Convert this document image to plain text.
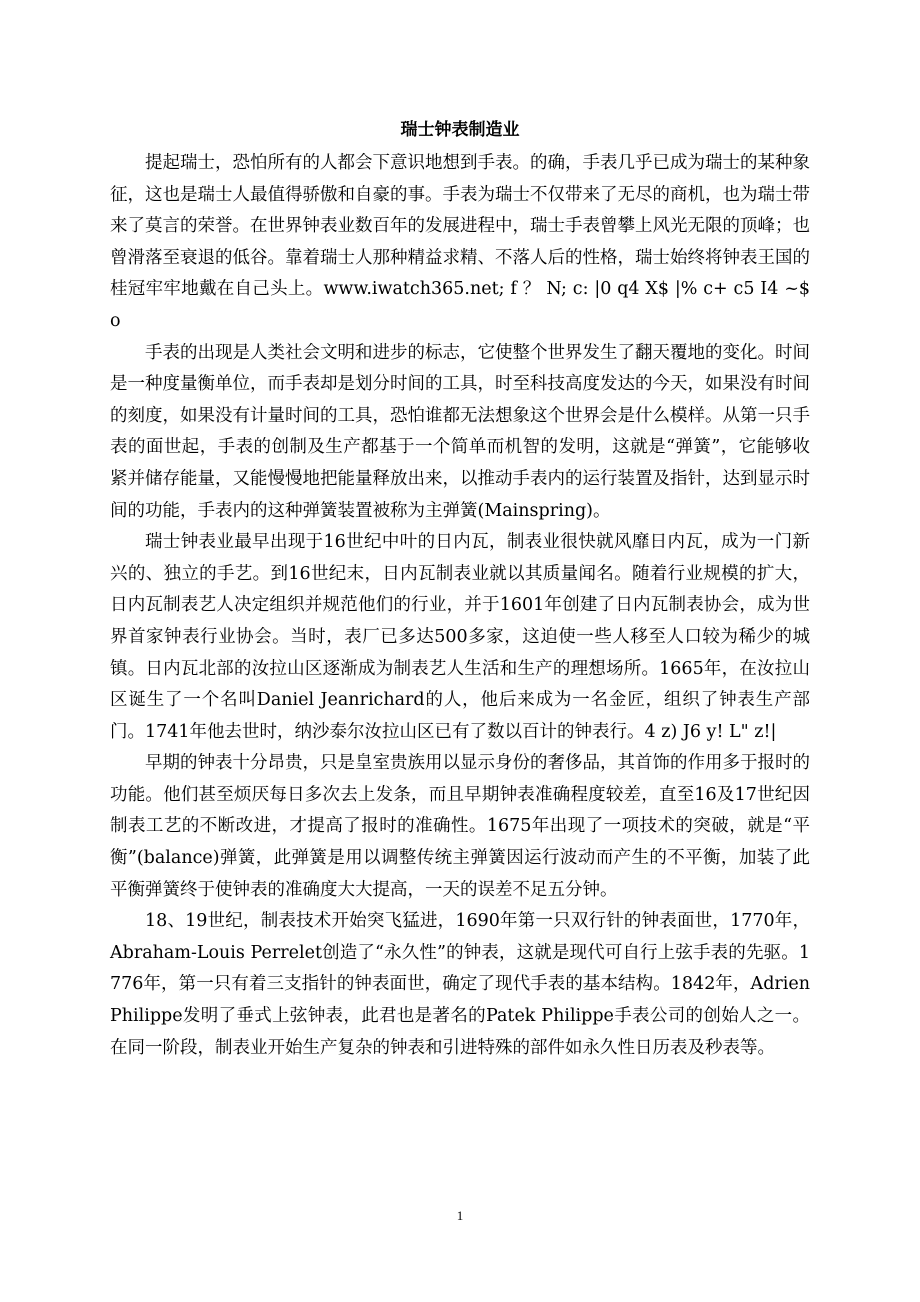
瑞士钟表制造业

提起瑞士，恐怕所有的人都会下意识地想到手表。的确，手表几乎已成为瑞士的某种象征，这也是瑞士人最值得骄傲和自豪的事。手表为瑞士不仅带来了无尽的商机，也为瑞士带来了莫言的荣誉。在世界钟表业数百年的发展进程中，瑞士手表曾攀上风光无限的顶峰；也曾滑落至衰退的低谷。靠着瑞士人那种精益求精、不落人后的性格，瑞士始终将钟表王国的桂冠牢牢地戴在自己头上。www.iwatch365.net; f ？ N; c: |0 q4 X$ |% c+ c5 I4 ~$ o

手表的出现是人类社会文明和进步的标志，它使整个世界发生了翻天覆地的变化。时间是一种度量衡单位，而手表却是划分时间的工具，时至科技高度发达的今天，如果没有时间的刻度，如果没有计量时间的工具，恐怕谁都无法想象这个世界会是什么模样。从第一只手表的面世起，手表的创制及生产都基于一个简单而机智的发明，这就是“弹簧”，它能够收紧并储存能量，又能慢慢地把能量释放出来，以推动手表内的运行装置及指针，达到显示时间的功能，手表内的这种弹簧装置被称为主弹簧(Mainspring)。

瑞士钟表业最早出现于16世纪中叶的日内瓦，制表业很快就风靡日内瓦，成为一门新兴的、独立的手艺。到16世纪末，日内瓦制表业就以其质量闻名。随着行业规模的扩大，日内瓦制表艺人决定组织并规范他们的行业，并于1601年创建了日内瓦制表协会，成为世界首家钟表行业协会。当时，表厂已多达500多家，这迫使一些人移至人口较为稀少的城镇。日内瓦北部的汝拉山区逐渐成为制表艺人生活和生产的理想场所。1665年，在汝拉山区诞生了一个名叫Daniel Jeanrichard的人，他后来成为一名金匠，组织了钟表生产部门。1741年他去世时，纳沙泰尔汝拉山区已有了数以百计的钟表行。4 z) J6 y! L" z!|

早期的钟表十分昂贵，只是皇室贵族用以显示身份的奢侈品，其首饰的作用多于报时的功能。他们甚至烦厌每日多次去上发条，而且早期钟表准确程度较差，直至16及17世纪因制表工艺的不断改进，才提高了报时的准确性。1675年出现了一项技术的突破，就是“平衡”(balance)弹簧，此弹簧是用以调整传统主弹簧因运行波动而产生的不平衡，加装了此平衡弹簧终于使钟表的准确度大大提高，一天的误差不足五分钟。

18、19世纪，制表技术开始突飞猛进，1690年第一只双行针的钟表面世，1770年，Abraham-Louis Perrelet创造了“永久性”的钟表，这就是现代可自行上弦手表的先驱。1776年，第一只有着三支指针的钟表面世，确定了现代手表的基本结构。1842年，Adrien Philippe发明了垂式上弦钟表，此君也是著名的Patek Philippe手表公司的创始人之一。在同一阶段，制表业开始生产复杂的钟表和引进特殊的部件如永久性日历表及秒表等。

1
